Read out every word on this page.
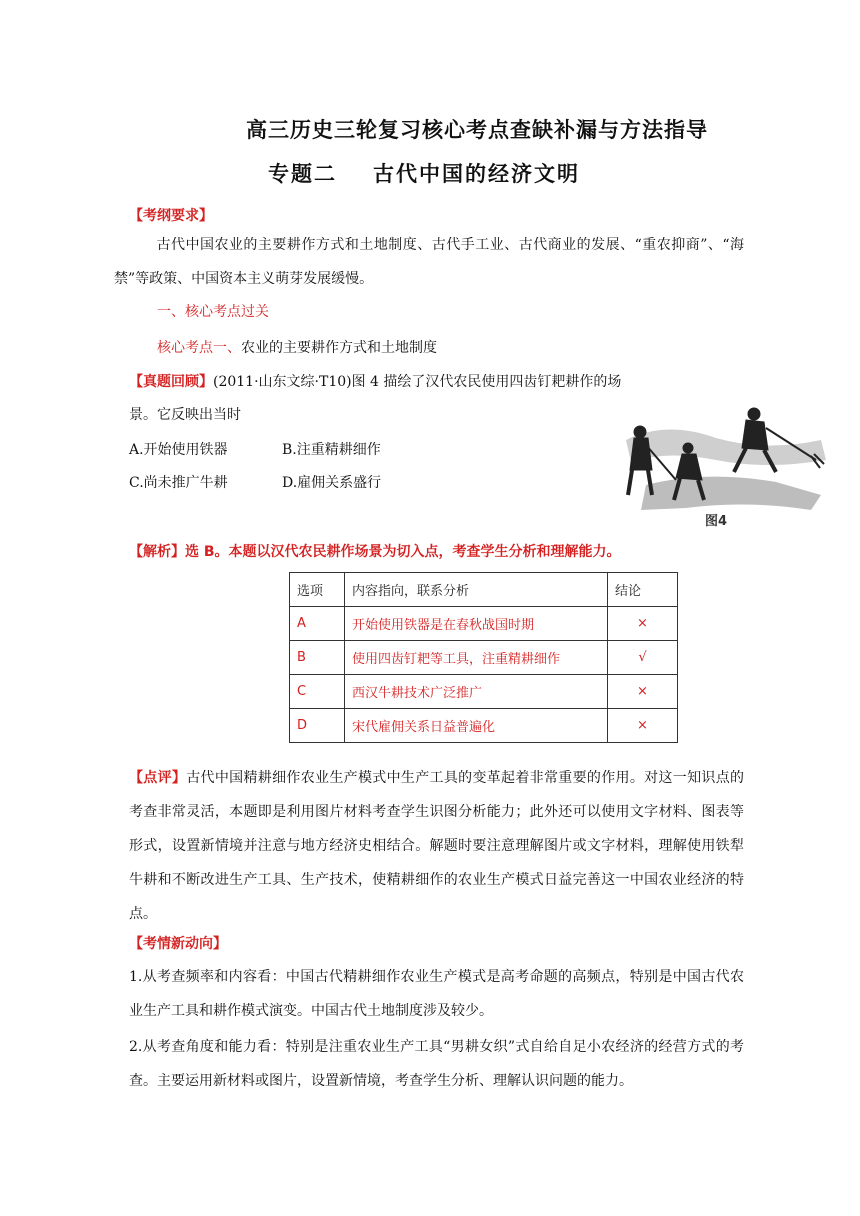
高三历史三轮复习核心考点查缺补漏与方法指导
专题二 古代中国的经济文明
【考纲要求】
古代中国农业的主要耕作方式和土地制度、古代手工业、古代商业的发展、“重农抑商”、“海禁”等政策、中国资本主义萌芽发展缓慢。
一、核心考点过关
核心考点一、农业的主要耕作方式和土地制度
【真题回顾】(2011·山东文综·T10)图 4 描绘了汉代农民使用四齿钉耙耕作的场
景。它反映出当时
A.开始使用铁器	B.注重精耕细作
C.尚未推广牛耕	D.雇佣关系盛行
图4
【解析】选 B。本题以汉代农民耕作场景为切入点，考查学生分析和理解能力。
选项	内容指向，联系分析	结论
A	开始使用铁器是在春秋战国时期	×
B	使用四齿钉耙等工具，注重精耕细作	√
C	西汉牛耕技术广泛推广	×
D	宋代雇佣关系日益普遍化	×
【点评】古代中国精耕细作农业生产模式中生产工具的变革起着非常重要的作用。对这一知识点的考查非常灵活，本题即是利用图片材料考查学生识图分析能力；此外还可以使用文字材料、图表等形式，设置新情境并注意与地方经济史相结合。解题时要注意理解图片或文字材料，理解使用铁犁牛耕和不断改进生产工具、生产技术，使精耕细作的农业生产模式日益完善这一中国农业经济的特点。
【考情新动向】
1.从考查频率和内容看：中国古代精耕细作农业生产模式是高考命题的高频点，特别是中国古代农业生产工具和耕作模式演变。中国古代土地制度涉及较少。
2.从考查角度和能力看：特别是注重农业生产工具“男耕女织”式自给自足小农经济的经营方式的考查。主要运用新材料或图片，设置新情境，考查学生分析、理解认识问题的能力。
